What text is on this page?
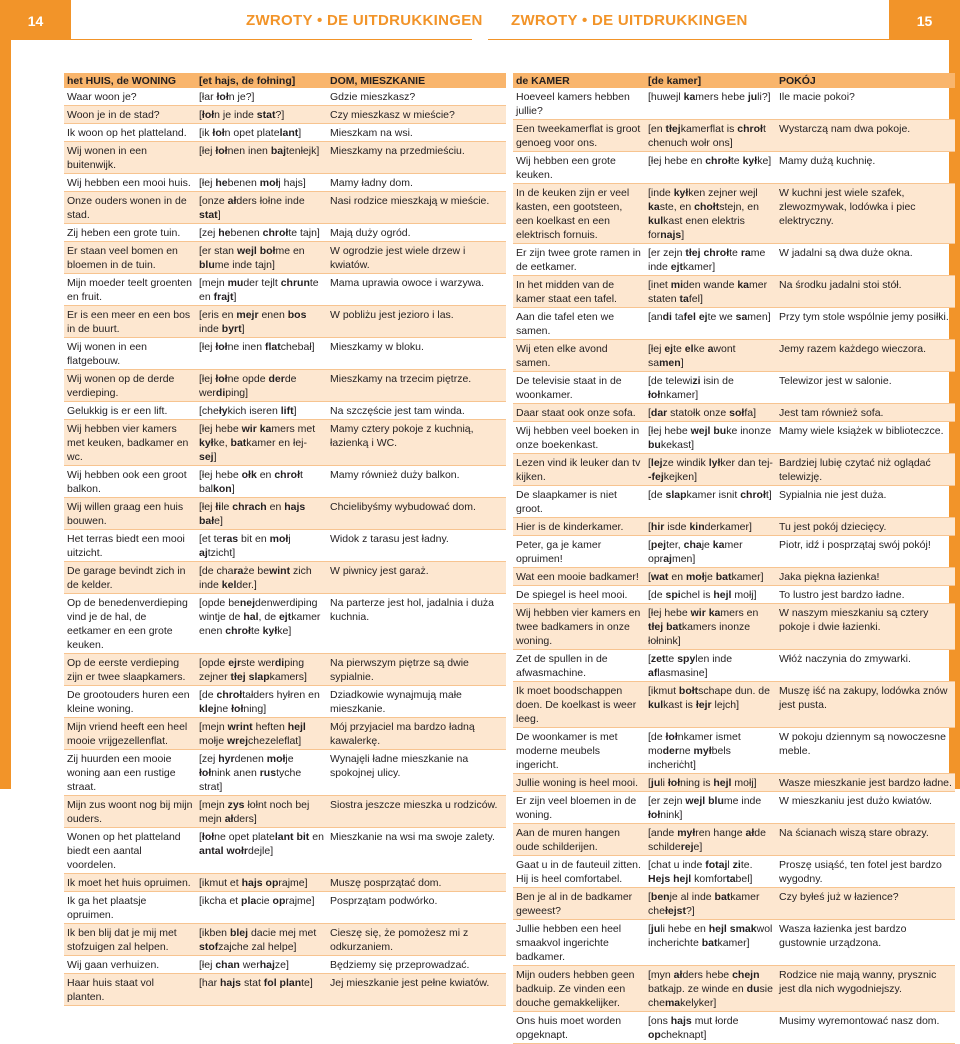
14	ZWROTY • DE UITDRUKKINGEN ZWROTY • DE UITDRUKKINGEN	15
het HUIS, de WONING	[et hajs, de fołning]	DOM, MIESZKANIE
Waar woon je?	[łar łołn je?]	Gdzie mieszkasz?
Woon je in de stad?	[łołn je inde stat?]	Czy mieszkasz w mieście?
Ik woon op het platteland.	[ik łołn opet platelant]	Mieszkam na wsi.
Wij wonen in een buitenwijk.	[łej łołnen inen bajtenłejk]	Mieszkamy na przedmieściu.
Wij hebben een mooi huis.	[łej hebenen mołj hajs]	Mamy ładny dom.
Onze ouders wonen in de stad.	[onze ałders łołne inde stat]	Nasi rodzice mieszkają w mieście.
Zij heben een grote tuin.	[zej hebenen chrołte tajn]	Mają duży ogród.
Er staan veel bomen en bloemen in de tuin.	[er stan wejl bołme en blume inde tajn]	W ogrodzie jest wiele drzew i kwiatów.
Mijn moeder teelt groenten en fruit.	[mejn muder tejlt chrunte en frajt]	Mama uprawia owoce i warzywa.
Er is een meer en een bos in de buurt.	[eris en mejr enen bos inde byrt]	W pobliżu jest jezioro i las.
Wij wonen in een flatgebouw.	[łej łołne inen flatchebał]	Mieszkamy w bloku.
Wij wonen op de derde verdieping.	[łej łołne opde derde werdiping]	Mieszkamy na trzecim piętrze.
Gelukkig is er een lift.	[chełykich iseren lift]	Na szczęście jest tam winda.
Wij hebben vier kamers met keuken, badkamer en wc.	[łej hebe wir kamers met kyłke, batkamer en łej-sej]	Mamy cztery pokoje z kuchnią, łazienką i WC.
Wij hebben ook een groot balkon.	[łej hebe ołk en chrołt balkon]	Mamy również duży balkon.
Wij willen graag een huis bouwen.	[łej łile chrach en hajs bałe]	Chcielibyśmy wybudować dom.
Het terras biedt een mooi uitzicht.	[et teras bit en mołj ajtzicht]	Widok z tarasu jest ładny.
De garage bevindt zich in de kelder.	[de charaże bewint zich inde kelder.]	W piwnicy jest garaż.
Op de benedenverdieping vind je de hal, de eetkamer en een grote keuken.	[opde benejdenwerdiping wintje de hal, de ejtkamer enen chrołte kyłke]	Na parterze jest hol, jadalnia i duża kuchnia.
Op de eerste verdieping zijn er twee slaapkamers.	[opde ejrste werdiping zejner tłej slapkamers]	Na pierwszym piętrze są dwie sypialnie.
De grootouders huren een kleine woning.	[de chrołtałders hyłren en klejne łołning]	Dziadkowie wynajmują małe mieszkanie.
Mijn vriend heeft een heel mooie vrijgezellenflat.	[mejn wrint heften hejl mołje wrejchezeleflat]	Mój przyjaciel ma bardzo ładną kawalerkę.
Zij huurden een mooie woning aan een rustige straat.	[zej hyrdenen mołje łołnink anen rustyche strat]	Wynajęli ładne mieszkanie na spokojnej ulicy.
Mijn zus woont nog bij mijn ouders.	[mejn zys łołnt noch bej mejn ałders]	Siostra jeszcze mieszka u rodziców.
Wonen op het platteland biedt een aantal voordelen.	[łołne opet platelant bit en antal wołrdejle]	Mieszkanie na wsi ma swoje zalety.
Ik moet het huis opruimen.	[ikmut et hajs oprajme]	Muszę posprzątać dom.
Ik ga het plaatsje opruimen.	[ikcha et placie oprajme]	Posprzątam podwórko.
Ik ben blij dat je mij met stofzuigen zal helpen.	[ikben blej dacie mej met stofzajche zal helpe]	Cieszę się, że pomożesz mi z odkurzaniem.
Wij gaan verhuizen.	[łej chan werhajze]	Będziemy się przeprowadzać.
Haar huis staat vol planten.	[har hajs stat fol plante]	Jej mieszkanie jest pełne kwiatów.
de KAMER	[de kamer]	POKÓJ
Hoeveel kamers hebben jullie?	[huwejl kamers hebe juli?]	Ile macie pokoi?
Een tweekamerflat is groot genoeg voor ons.	[en tłejkamerflat is chrołt chenuch wołr ons]	Wystarczą nam dwa pokoje.
Wij hebben een grote keuken.	[łej hebe en chrołte kyłke]	Mamy dużą kuchnię.
In de keuken zijn er veel kasten, een gootsteen, een koelkast en een elektrisch fornuis.	[inde kyłken zejner wejl kaste, en chołtstejn, en kulkast enen elektris fornajs]	W kuchni jest wiele szafek, zlewozmywak, lodówka i piec elektryczny.
Er zijn twee grote ramen in de eetkamer.	[er zejn tłej chrołte rame inde ejtkamer]	W jadalni są dwa duże okna.
In het midden van de kamer staat een tafel.	[inet miden wande kamer staten tafel]	Na środku jadalni stoi stół.
Aan die tafel eten we samen.	[andi tafel ejte we samen]	Przy tym stole wspólnie jemy posiłki.
Wij eten elke avond samen.	[łej ejte elke awont samen]	Jemy razem każdego wieczora.
De televisie staat in de woonkamer.	[de telewizi isin de łołnkamer]	Telewizor jest w salonie.
Daar staat ook onze sofa.	[dar statołk onze sołfa]	Jest tam również sofa.
Wij hebben veel boeken in onze boekenkast.	[łej hebe wejl buke inonze bukekast]	Mamy wiele książek w biblioteczce.
Lezen vind ik leuker dan tv kijken.	[lejze windik lyłker dan tej--fejkejken]	Bardziej lubię czytać niż oglądać telewizję.
De slaapkamer is niet groot.	[de slapkamer isnit chrołt]	Sypialnia nie jest duża.
Hier is de kinderkamer.	[hir isde kinderkamer]	Tu jest pokój dziecięcy.
Peter, ga je kamer opruimen!	[pejter, chaje kamer oprajmen]	Piotr, idź i posprzątaj swój pokój!
Wat een mooie badkamer!	[wat en mołje batkamer]	Jaka piękna łazienka!
De spiegel is heel mooi.	[de spichel is hejl mołj]	To lustro jest bardzo ładne.
Wij hebben vier kamers en twee badkamers in onze woning.	[łej hebe wir kamers en tłej batkamers inonze łołnink]	W naszym mieszkaniu są cztery pokoje i dwie łazienki.
Zet de spullen in de afwasmachine.	[zette spylen inde aflasmasine]	Włóż naczynia do zmywarki.
Ik moet boodschappen doen. De koelkast is weer leeg.	[ikmut bołtschape dun. de kulkast is łejr lejch]	Muszę iść na zakupy, lodówka znów jest pusta.
De woonkamer is met moderne meubels ingericht.	[de łołnkamer ismet moderne myłbels incheriċht]	W pokoju dziennym są nowoczesne meble.
Jullie woning is heel mooi.	[juli łołning is hejl mołj]	Wasze mieszkanie jest bardzo ładne.
Er zijn veel bloemen in de woning.	[er zejn wejl blume inde łołnink]	W mieszkaniu jest dużo kwiatów.
Aan de muren hangen oude schilderijen.	[ande myłren hange ałde schildereje]	Na ścianach wiszą stare obrazy.
Gaat u in de fauteuil zitten. Hij is heel comfortabel.	[chat u inde fotajl zite. Hejs hejl komfortabel]	Proszę usiąść, ten fotel jest bardzo wygodny.
Ben je al in de badkamer geweest?	[benje al inde batkamer chełejst?]	Czy byłeś już w łazience?
Jullie hebben een heel smaakvol ingerichte badkamer.	[juli hebe en hejl smakwol incherichte batkamer]	Wasza łazienka jest bardzo gustownie urządzona.
Mijn ouders hebben geen badkuip. Ze vinden een douche gemakkelijker.	[myn ałders hebe chejn batkajp. ze winde en dusie chemakelyker]	Rodzice nie mają wanny, prysznic jest dla nich wygodniejszy.
Ons huis moet worden opgeknapt.	[ons hajs mut łorde opcheknapt]	Musimy wyremontować nasz dom.
